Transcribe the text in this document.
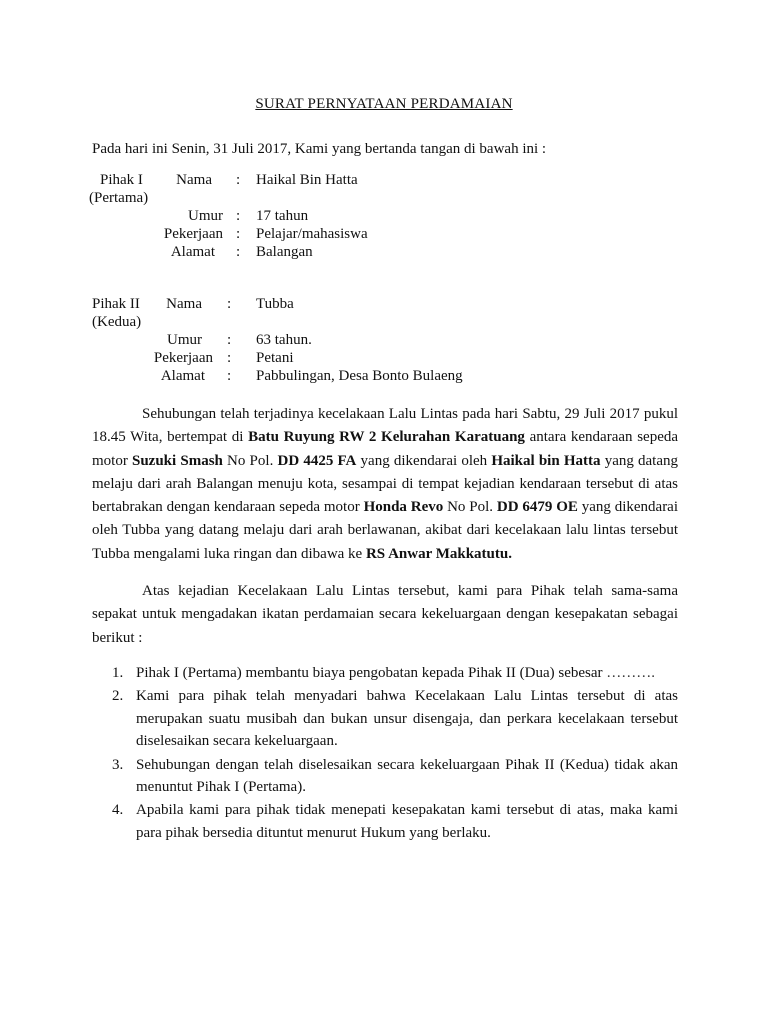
SURAT PERNYATAAN PERDAMAIAN
Pada hari ini Senin, 31 Juli 2017, Kami yang bertanda tangan di bawah ini :
Pihak I
(Pertama)
Nama : Haikal Bin Hatta
Umur : 17 tahun
Pekerjaan : Pelajar/mahasiswa
Alamat : Balangan
Pihak II
(Kedua)
Nama : Tubba
Umur : 63 tahun.
Pekerjaan : Petani
Alamat : Pabbulingan, Desa Bonto Bulaeng

Sehubungan telah terjadinya kecelakaan Lalu Lintas pada hari Sabtu, 29 Juli 2017 pukul 18.45 Wita, bertempat di Batu Ruyung RW 2 Kelurahan Karatuang antara kendaraan sepeda motor Suzuki Smash No Pol. DD 4425 FA yang dikendarai oleh Haikal bin Hatta yang datang melaju dari arah Balangan menuju kota, sesampai di tempat kejadian kendaraan tersebut di atas bertabrakan dengan kendaraan sepeda motor Honda Revo No Pol. DD 6479 OE yang dikendarai oleh Tubba yang datang melaju dari arah berlawanan, akibat dari kecelakaan lalu lintas tersebut Tubba mengalami luka ringan dan dibawa ke RS Anwar Makkatutu.

Atas kejadian Kecelakaan Lalu Lintas tersebut, kami para Pihak telah sama-sama sepakat untuk mengadakan ikatan perdamaian secara kekeluargaan dengan kesepakatan sebagai berikut :

1. Pihak I (Pertama) membantu biaya pengobatan kepada Pihak II (Dua) sebesar ……….
2. Kami para pihak telah menyadari bahwa Kecelakaan Lalu Lintas tersebut di atas merupakan suatu musibah dan bukan unsur disengaja, dan perkara kecelakaan tersebut diselesaikan secara kekeluargaan.
3. Sehubungan dengan telah diselesaikan secara kekeluargaan Pihak II (Kedua) tidak akan menuntut Pihak I (Pertama).
4. Apabila kami para pihak tidak menepati kesepakatan kami tersebut di atas, maka kami para pihak bersedia dituntut menurut Hukum yang berlaku.
